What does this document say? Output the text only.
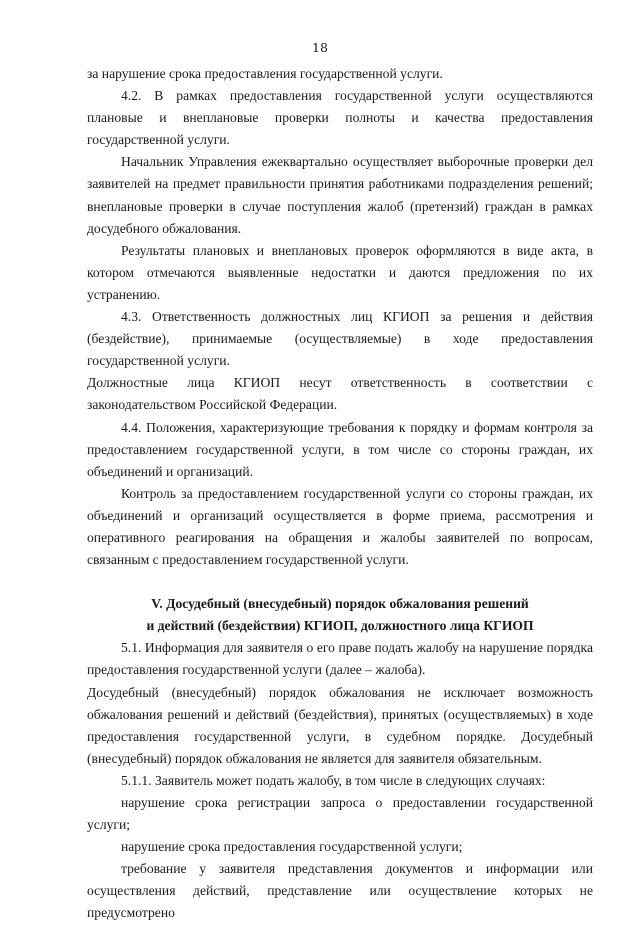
18

за нарушение срока предоставления государственной услуги.

4.2. В рамках предоставления государственной услуги осуществляются плановые и внеплановые проверки полноты и качества предоставления государственной услуги.

Начальник Управления ежеквартально осуществляет выборочные проверки дел заявителей на предмет правильности принятия работниками подразделения решений; внеплановые проверки в случае поступления жалоб (претензий) граждан в рамках досудебного обжалования.

Результаты плановых и внеплановых проверок оформляются в виде акта, в котором отмечаются выявленные недостатки и даются предложения по их устранению.

4.3. Ответственность должностных лиц КГИОП за решения и действия (бездействие), принимаемые (осуществляемые) в ходе предоставления государственной услуги.

Должностные лица КГИОП несут ответственность в соответствии с законодательством Российской Федерации.

4.4. Положения, характеризующие требования к порядку и формам контроля за предоставлением государственной услуги, в том числе со стороны граждан, их объединений и организаций.

Контроль за предоставлением государственной услуги со стороны граждан, их объединений и организаций осуществляется в форме приема, рассмотрения и оперативного реагирования на обращения и жалобы заявителей по вопросам, связанным с предоставлением государственной услуги.

V. Досудебный (внесудебный) порядок обжалования решений

и действий (бездействия) КГИОП, должностного лица КГИОП

5.1. Информация для заявителя о его праве подать жалобу на нарушение порядка предоставления государственной услуги (далее – жалоба).

Досудебный (внесудебный) порядок обжалования не исключает возможность обжалования решений и действий (бездействия), принятых (осуществляемых) в ходе предоставления государственной услуги, в судебном порядке. Досудебный (внесудебный) порядок обжалования не является для заявителя обязательным.

5.1.1. Заявитель может подать жалобу, в том числе в следующих случаях:

нарушение срока регистрации запроса о предоставлении государственной услуги;

нарушение срока предоставления государственной услуги;

требование у заявителя представления документов и информации или осуществления действий, представление или осуществление которых не предусмотрено
